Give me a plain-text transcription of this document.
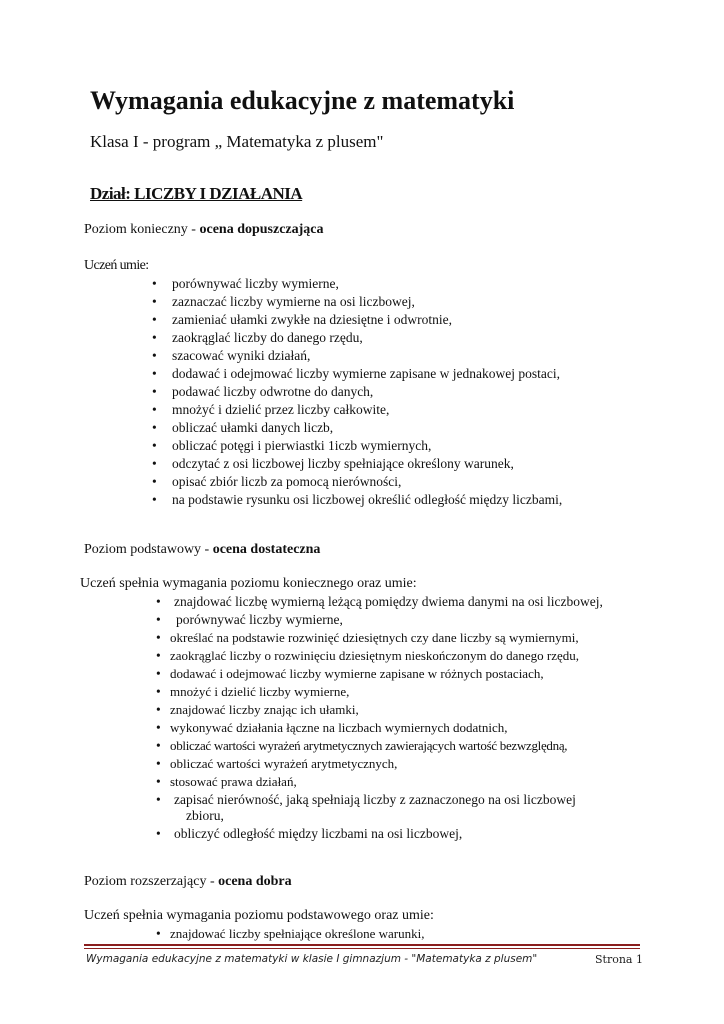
Wymagania edukacyjne z matematyki
Klasa I - program „ Matematyka z plusem"
Dział: LICZBY I DZIAŁANIA
Poziom konieczny - ocena dopuszczająca
Uczeń umie:
• porównywać liczby wymierne,
• zaznaczać liczby wymierne na osi liczbowej,
• zamieniać ułamki zwykłe na dziesiętne i odwrotnie,
• zaokrąglać liczby do danego rzędu,
• szacować wyniki działań,
• dodawać i odejmować liczby wymierne zapisane w jednakowej postaci,
• podawać liczby odwrotne do danych,
• mnożyć i dzielić przez liczby całkowite,
• obliczać ułamki danych liczb,
• obliczać potęgi i pierwiastki 1iczb wymiernych,
• odczytać z osi liczbowej liczby spełniające określony warunek,
• opisać zbiór liczb za pomocą nierówności,
• na podstawie rysunku osi liczbowej określić odległość między liczbami,
Poziom podstawowy - ocena dostateczna
Uczeń spełnia wymagania poziomu koniecznego oraz umie:
• znajdować liczbę wymierną leżącą pomiędzy dwiema danymi na osi liczbowej,
• porównywać liczby wymierne,
• określać na podstawie rozwinięć dziesiętnych czy dane liczby są wymiernymi,
• zaokrąglać liczby o rozwinięciu dziesiętnym nieskończonym do danego rzędu,
• dodawać i odejmować liczby wymierne zapisane w różnych postaciach,
• mnożyć i dzielić liczby wymierne,
• znajdować liczby znając ich ułamki,
• wykonywać działania łączne na liczbach wymiernych dodatnich,
• obliczać wartości wyrażeń arytmetycznych zawierających wartość bezwzględną,
• obliczać wartości wyrażeń arytmetycznych,
• stosować prawa działań,
• zapisać nierówność, jaką spełniają liczby z zaznaczonego na osi liczbowej
zbioru,
• obliczyć odległość między liczbami na osi liczbowej,
Poziom rozszerzający - ocena dobra
Uczeń spełnia wymagania poziomu podstawowego oraz umie:
• znajdować liczby spełniające określone warunki,
Wymagania edukacyjne z matematyki w klasie I gimnazjum - "Matematyka z plusem"	Strona 1
